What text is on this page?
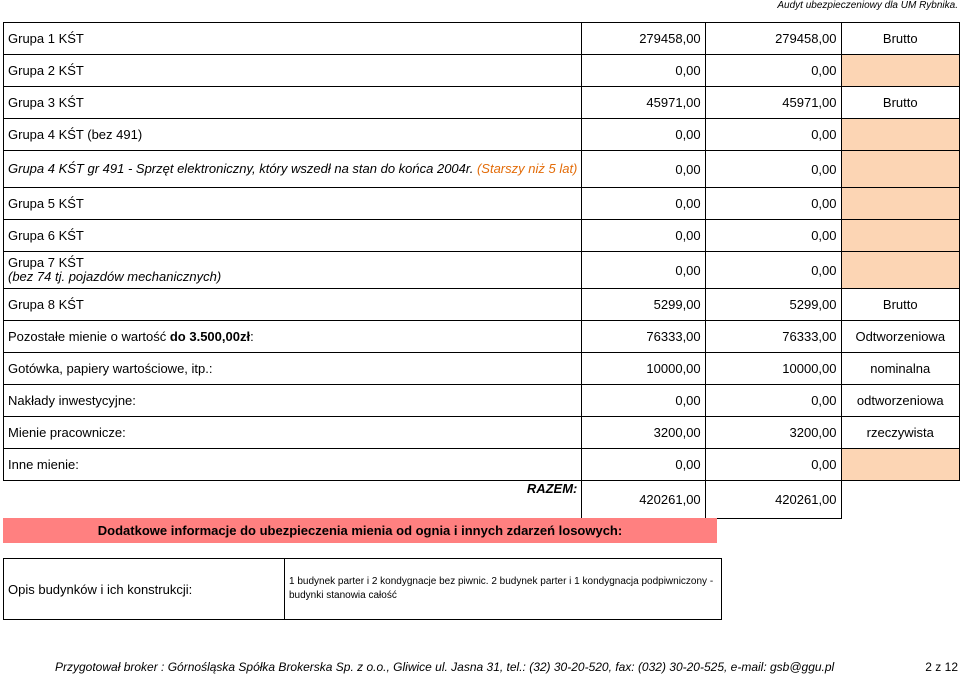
Audyt ubezpieczeniowy dla UM Rybnika.
Grupa 1 KŚT	279458,00	279458,00	Brutto
Grupa 2 KŚT	0,00	0,00	
Grupa 3 KŚT	45971,00	45971,00	Brutto
Grupa 4 KŚT (bez 491)	0,00	0,00	
Grupa 4 KŚT gr 491 - Sprzęt elektroniczny, który wszedł na stan do końca 2004r. (Starszy niż 5 lat)	0,00	0,00	
Grupa 5 KŚT	0,00	0,00	
Grupa 6 KŚT	0,00	0,00	
Grupa 7 KŚT
(bez 74 tj. pojazdów mechanicznych)	0,00	0,00	
Grupa 8 KŚT	5299,00	5299,00	Brutto
Pozostałe mienie o wartość do 3.500,00zł:	76333,00	76333,00	Odtworzeniowa
Gotówka, papiery wartościowe, itp.:	10000,00	10000,00	nominalna
Nakłady inwestycyjne:	0,00	0,00	odtworzeniowa
Mienie pracownicze:	3200,00	3200,00	rzeczywista
Inne mienie:	0,00	0,00	
RAZEM:	420261,00	420261,00	
Dodatkowe informacje do ubezpieczenia mienia od ognia i innych zdarzeń losowych:
Opis budynków i ich konstrukcji:	1 budynek parter i 2 kondygnacje bez piwnic. 2 budynek parter i 1 kondygnacja podpiwniczony - budynki stanowia całość
Przygotował broker : Górnośląska Spółka Brokerska Sp. z o.o., Gliwice ul. Jasna 31, tel.: (32) 30-20-520, fax: (032) 30-20-525, e-mail: gsb@ggu.pl	2 z 12
